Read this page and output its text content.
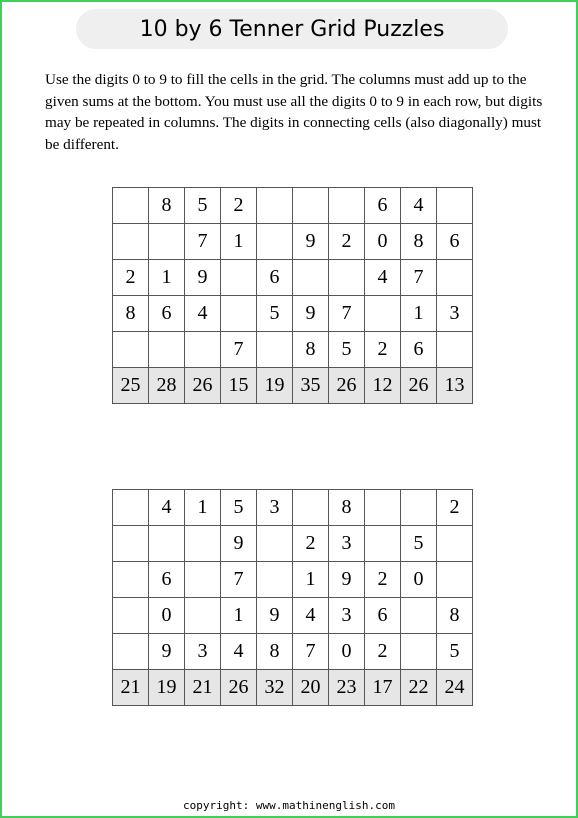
10 by 6 Tenner Grid Puzzles
Use the digits 0 to 9 to fill the cells in the grid. The columns must add up to the given sums at the bottom. You must use all the digits 0 to 9 in each row, but digits may be repeated in columns. The digits in connecting cells (also diagonally) must be different.
	8	5	2				6	4	
		7	1		9	2	0	8	6
2	1	9		6			4	7	
8	6	4		5	9	7		1	3
			7		8	5	2	6	
25	28	26	15	19	35	26	12	26	13
	4	1	5	3		8			2
			9		2	3		5	
	6		7		1	9	2	0	
	0		1	9	4	3	6		8
	9	3	4	8	7	0	2		5
21	19	21	26	32	20	23	17	22	24
copyright: www.mathinenglish.com
